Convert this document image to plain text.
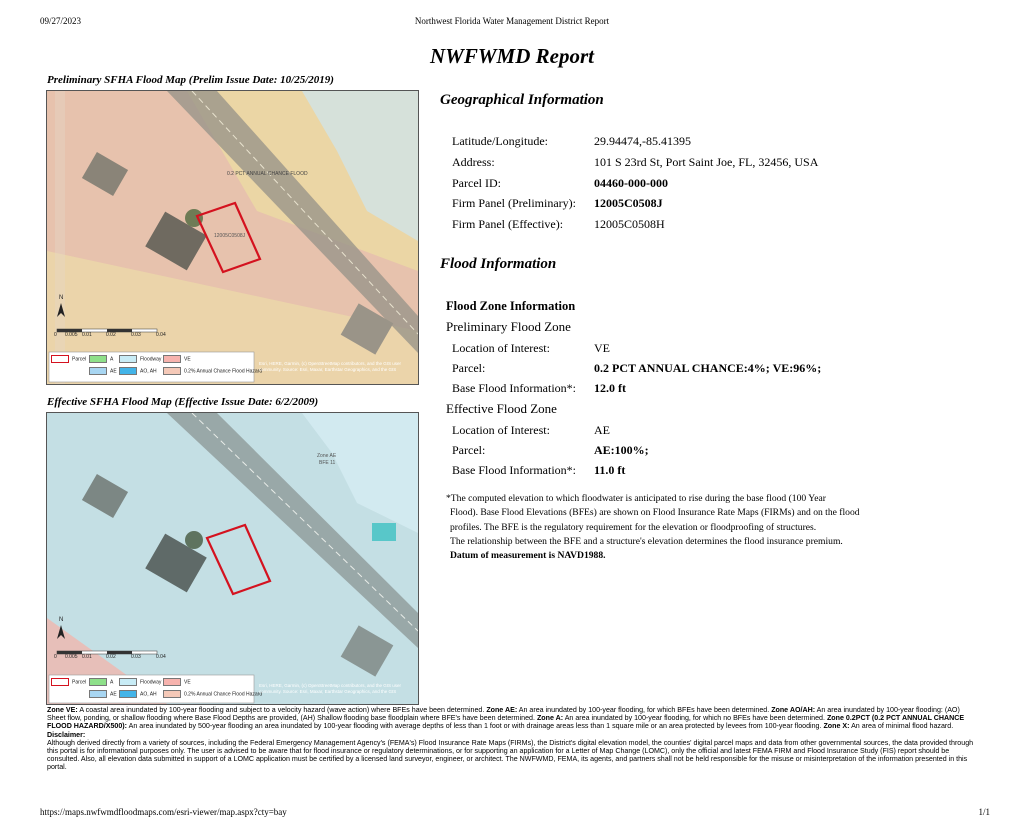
09/27/2023	Northwest Florida Water Management District Report
NWFWMD Report
Preliminary SFHA Flood Map (Prelim Issue Date: 10/25/2019)
0.2 PCT ANNUAL CHANCE FLOOD
12005C0508J
N
0 0.005 0.01	0.02	0.03	0.04
Parcel	A	Floodway	VE
AE	AO, AH	0.2% Annual Chance Flood Hazard
Esri, HERE, Garmin, (c) OpenStreetMap contributors, and the GIS user community. Source: Esri, Maxar, Earthstar Geographics, and the GIS
Effective SFHA Flood Map (Effective Issue Date: 6/2/2009)
Zone AE
BFE 11
N
0 0.005 0.01	0.02	0.03	0.04
Parcel	A	Floodway	VE
AE	AO, AH	0.2% Annual Chance Flood Hazard
Esri, HERE, Garmin, (c) OpenStreetMap contributors, and the GIS user community. Source: Esri, Maxar, Earthstar Geographics, and the GIS
Geographical Information
Latitude/Longitude:	29.94474,-85.41395
Address:	101 S 23rd St, Port Saint Joe, FL, 32456, USA
Parcel ID:	04460-000-000
Firm Panel (Preliminary): 12005C0508J
Firm Panel (Effective):	12005C0508H
Flood Information
Flood Zone Information
Preliminary Flood Zone
Location of Interest:	VE
Parcel:	0.2 PCT ANNUAL CHANCE:4%; VE:96%;
Base Flood Information*: 12.0 ft
Effective Flood Zone
Location of Interest:	AE
Parcel:	AE:100%;
Base Flood Information*: 11.0 ft
*The computed elevation to which floodwater is anticipated to rise during the base flood (100 Year
Flood). Base Flood Elevations (BFEs) are shown on Flood Insurance Rate Maps (FIRMs) and on the flood
profiles. The BFE is the regulatory requirement for the elevation or floodproofing of structures.
The relationship between the BFE and a structure's elevation determines the flood insurance premium.
Datum of measurement is NAVD1988.
Zone VE: A coastal area inundated by 100-year flooding and subject to a velocity hazard (wave action) where BFEs have been determined. Zone AE: An area inundated by 100-year flooding, for which BFEs have been determined. Zone AO/AH: An area inundated by 100-year flooding: (AO) Sheet flow, ponding, or shallow flooding where Base Flood Depths are provided, (AH) Shallow flooding base floodplain where BFE's have been determined. Zone A: An area inundated by 100-year flooding, for which no BFEs have been determined. Zone 0.2PCT (0.2 PCT ANNUAL CHANCE FLOOD HAZARD/X500): An area inundated by 500-year flooding an area inundated by 100-year flooding with average depths of less than 1 foot or with drainage areas less than 1 square mile or an area protected by levees from 100-year flooding. Zone X: An area of minimal flood hazard.
Disclaimer:
Although derived directly from a variety of sources, including the Federal Emergency Management Agency's (FEMA's) Flood Insurance Rate Maps (FIRMs), the District's digital elevation model, the counties' digital parcel maps and data from other governmental sources, the data provided through this portal is for informational purposes only. The user is advised to be aware that for flood insurance or regulatory determinations, or for supporting an application for a Letter of Map Change (LOMC), only the official and latest FEMA FIRM and Flood Insurance Study (FIS) report should be consulted. Also, all elevation data submitted in support of a LOMC application must be certified by a licensed land surveyor, engineer, or architect. The NWFWMD, FEMA, its agents, and partners shall not be held responsible for the misuse or misinterpretation of the information presented in this portal.
https://maps.nwfwmdfloodmaps.com/esri-viewer/map.aspx?cty=bay	1/1
